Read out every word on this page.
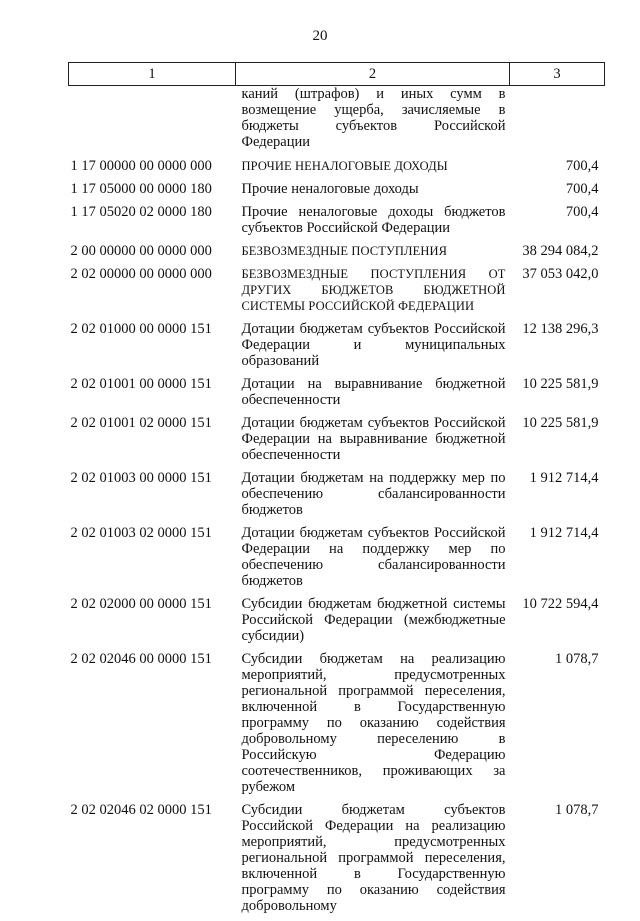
20
1	2	3
	каний (штрафов) и иных сумм в возмещение ущерба, зачисляемые в бюджеты субъектов Российской Федерации	
1 17 00000 00 0000 000	ПРОЧИЕ НЕНАЛОГОВЫЕ ДОХОДЫ	700,4
1 17 05000 00 0000 180	Прочие неналоговые доходы	700,4
1 17 05020 02 0000 180	Прочие неналоговые доходы бюджетов субъектов Российской Федерации	700,4
2 00 00000 00 0000 000	БЕЗВОЗМЕЗДНЫЕ ПОСТУПЛЕНИЯ	38 294 084,2
2 02 00000 00 0000 000	БЕЗВОЗМЕЗДНЫЕ ПОСТУПЛЕНИЯ ОТ ДРУГИХ БЮДЖЕТОВ БЮДЖЕТНОЙ СИСТЕМЫ РОССИЙСКОЙ ФЕДЕРАЦИИ	37 053 042,0
2 02 01000 00 0000 151	Дотации бюджетам субъектов Российской Федерации и муниципальных образований	12 138 296,3
2 02 01001 00 0000 151	Дотации на выравнивание бюджетной обеспеченности	10 225 581,9
2 02 01001 02 0000 151	Дотации бюджетам субъектов Российской Федерации на выравнивание бюджетной обеспеченности	10 225 581,9
2 02 01003 00 0000 151	Дотации бюджетам на поддержку мер по обеспечению сбалансированности бюджетов	1 912 714,4
2 02 01003 02 0000 151	Дотации бюджетам субъектов Российской Федерации на поддержку мер по обеспечению сбалансированности бюджетов	1 912 714,4
2 02 02000 00 0000 151	Субсидии бюджетам бюджетной системы Российской Федерации (межбюджетные субсидии)	10 722 594,4
2 02 02046 00 0000 151	Субсидии бюджетам на реализацию мероприятий, предусмотренных региональной программой переселения, включенной в Государственную программу по оказанию содействия добровольному переселению в Российскую Федерацию соотечественников, проживающих за рубежом	1 078,7
2 02 02046 02 0000 151	Субсидии бюджетам субъектов Российской Федерации на реализацию мероприятий, предусмотренных региональной программой переселения, включенной в Государственную программу по оказанию содействия добровольному	1 078,7
